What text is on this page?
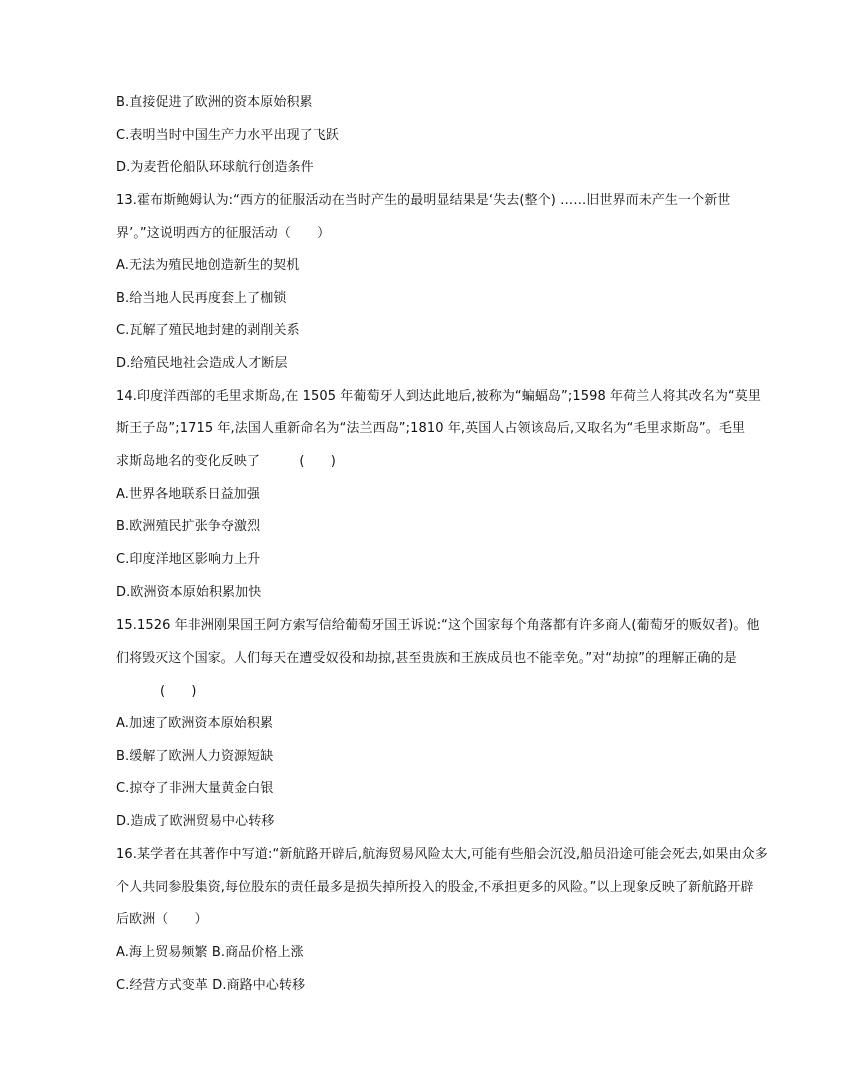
B.直接促进了欧洲的资本原始积累
C.表明当时中国生产力水平出现了飞跃
D.为麦哲伦船队环球航行创造条件
13.霍布斯鲍姆认为:“西方的征服活动在当时产生的最明显结果是‘失去(整个) ……旧世界而未产生一个新世
界’。”这说明西方的征服活动（　　）
A.无法为殖民地创造新生的契机
B.给当地人民再度套上了枷锁
C.瓦解了殖民地封建的剥削关系
D.给殖民地社会造成人才断层
14.印度洋西部的毛里求斯岛,在 1505 年葡萄牙人到达此地后,被称为“蝙蝠岛”;1598 年荷兰人将其改名为“莫里
斯王子岛”;1715 年,法国人重新命名为“法兰西岛”;1810 年,英国人占领该岛后,又取名为“毛里求斯岛”。毛里
求斯岛地名的变化反映了　　　(　　)
A.世界各地联系日益加强
B.欧洲殖民扩张争夺激烈
C.印度洋地区影响力上升
D.欧洲资本原始积累加快
15.1526 年非洲刚果国王阿方索写信给葡萄牙国王诉说:“这个国家每个角落都有许多商人(葡萄牙的贩奴者)。他
们将毁灭这个国家。人们每天在遭受奴役和劫掠,甚至贵族和王族成员也不能幸免。”对“劫掠”的理解正确的是
(　　)
A.加速了欧洲资本原始积累
B.缓解了欧洲人力资源短缺
C.掠夺了非洲大量黄金白银
D.造成了欧洲贸易中心转移
16.某学者在其著作中写道:“新航路开辟后,航海贸易风险太大,可能有些船会沉没,船员沿途可能会死去,如果由众多
个人共同参股集资,每位股东的责任最多是损失掉所投入的股金,不承担更多的风险。”以上现象反映了新航路开辟
后欧洲（　　）
A.海上贸易频繁 B.商品价格上涨
C.经营方式变革 D.商路中心转移
